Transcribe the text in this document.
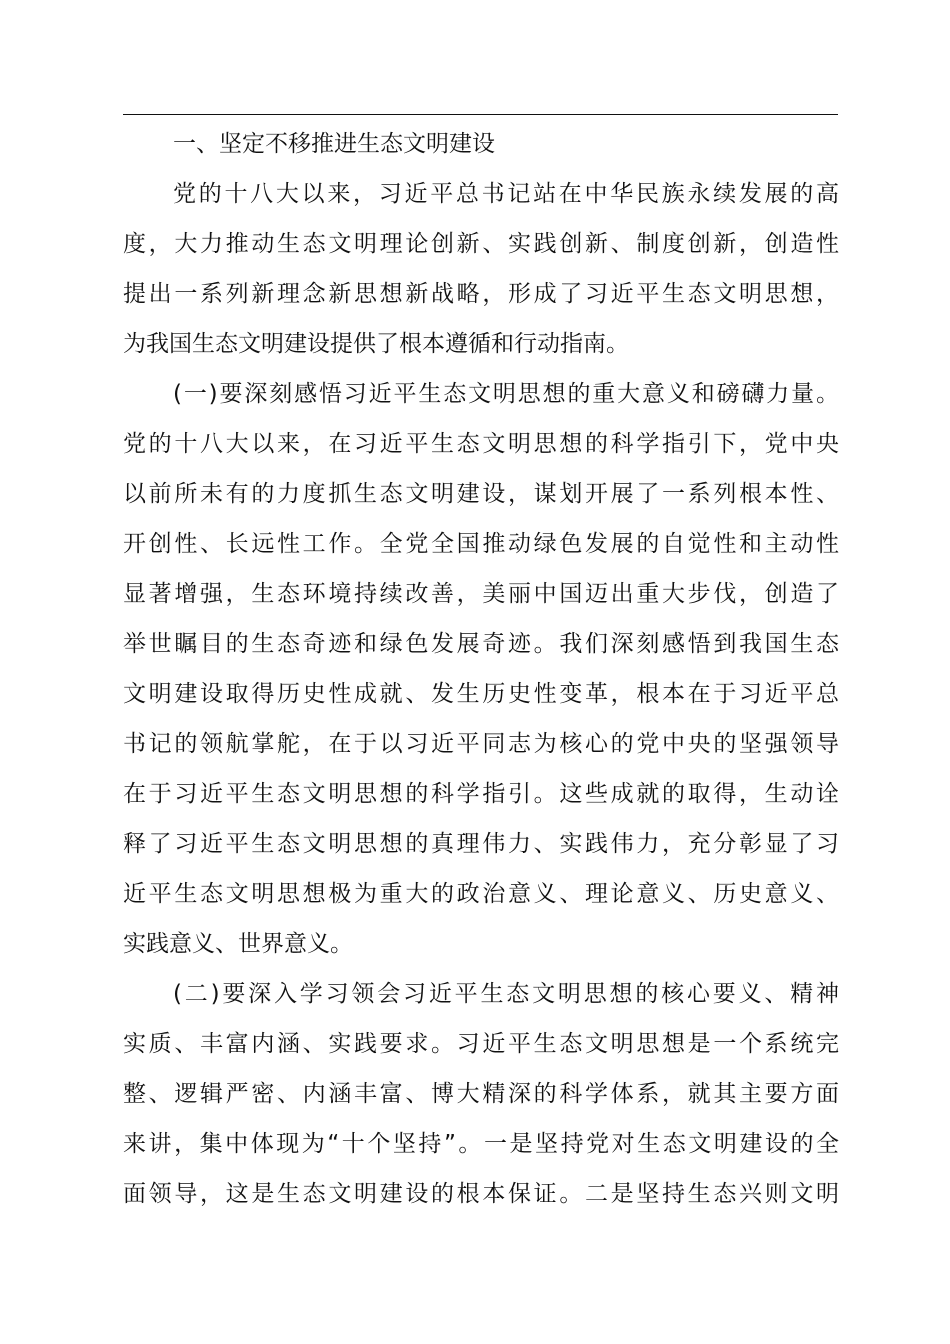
一、坚定不移推进生态文明建设
党的十八大以来，习近平总书记站在中华民族永续发展的高
度，大力推动生态文明理论创新、实践创新、制度创新，创造性
提出一系列新理念新思想新战略，形成了习近平生态文明思想，
为我国生态文明建设提供了根本遵循和行动指南。
(一)要深刻感悟习近平生态文明思想的重大意义和磅礴力量。
党的十八大以来，在习近平生态文明思想的科学指引下，党中央
以前所未有的力度抓生态文明建设，谋划开展了一系列根本性、
开创性、长远性工作。全党全国推动绿色发展的自觉性和主动性
显著增强，生态环境持续改善，美丽中国迈出重大步伐，创造了
举世瞩目的生态奇迹和绿色发展奇迹。我们深刻感悟到我国生态
文明建设取得历史性成就、发生历史性变革，根本在于习近平总
书记的领航掌舵，在于以习近平同志为核心的党中央的坚强领导
在于习近平生态文明思想的科学指引。这些成就的取得，生动诠
释了习近平生态文明思想的真理伟力、实践伟力，充分彰显了习
近平生态文明思想极为重大的政治意义、理论意义、历史意义、
实践意义、世界意义。
(二)要深入学习领会习近平生态文明思想的核心要义、精神
实质、丰富内涵、实践要求。习近平生态文明思想是一个系统完
整、逻辑严密、内涵丰富、博大精深的科学体系，就其主要方面
来讲，集中体现为“十个坚持”。一是坚持党对生态文明建设的全
面领导，这是生态文明建设的根本保证。二是坚持生态兴则文明
